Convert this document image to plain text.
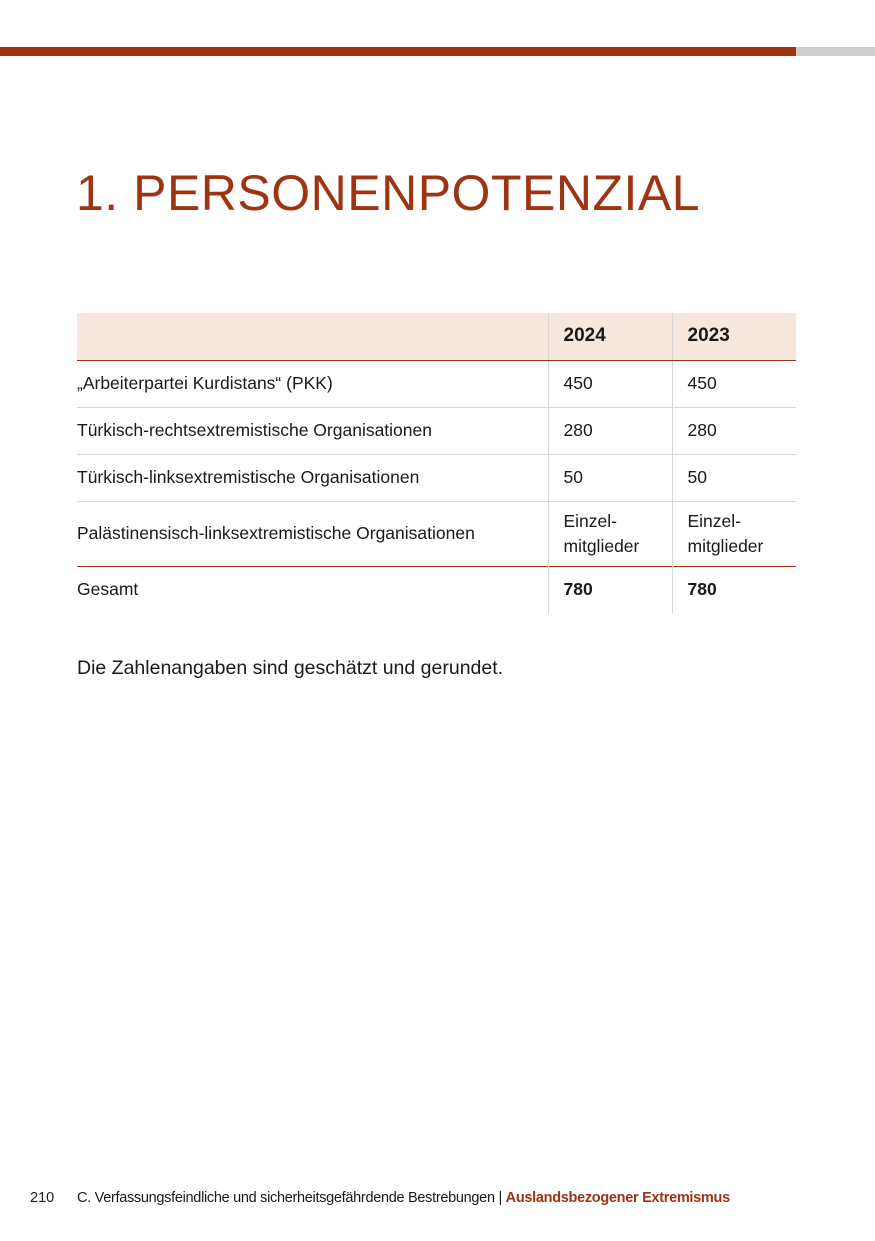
1. PERSONENPOTENZIAL
	2024	2023
„Arbeiterpartei Kurdistans“ (PKK)	450	450
Türkisch-rechtsextremistische Organisationen	280	280
Türkisch-linksextremistische Organisationen	50	50
Palästinensisch-linksextremistische Organisationen	Einzel- mitglieder	Einzel- mitglieder
Gesamt	780	780

Die Zahlenangaben sind geschätzt und gerundet.

210 C. Verfassungsfeindliche und sicherheitsgefährdende Bestrebungen | Auslandsbezogener Extremismus
